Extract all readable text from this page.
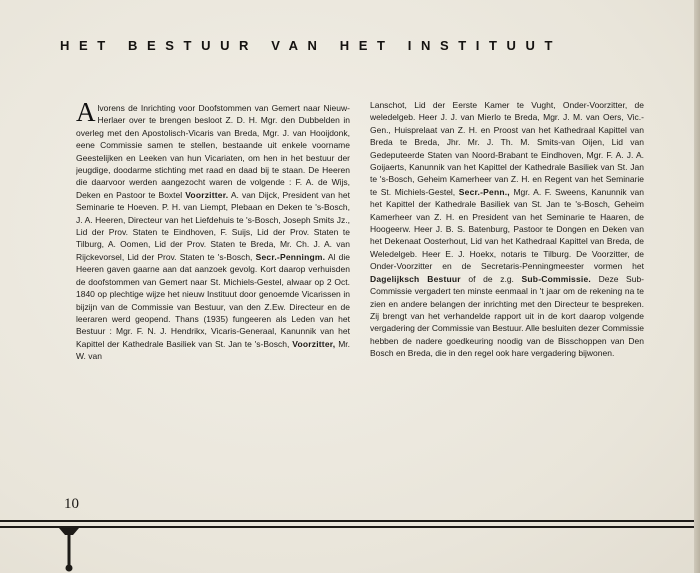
HET BESTUUR VAN HET INSTITUUT

Alvorens de Inrichting voor Doofstommen van Gemert naar Nieuw-Herlaer over te brengen besloot Z. D. H. Mgr. den Dubbelden in overleg met den Apostolisch-Vicaris van Breda, Mgr. J. van Hooijdonk, eene Commissie samen te stellen, bestaande uit enkele voorname Geestelijken en Leeken van hun Vicariaten, om hen in het bestuur der jeugdige, doodarme stichting met raad en daad bij te staan. De Heeren die daarvoor werden aangezocht waren de volgende : F. A. de Wijs, Deken en Pastoor te Boxtel Voorzitter. A. van Dijck, President van het Seminarie te Hoeven. P. H. van Liempt, Plebaan en Deken te 's-Bosch, J. A. Heeren, Directeur van het Liefdehuis te 's-Bosch, Joseph Smits Jz., Lid der Prov. Staten te Eindhoven, F. Suijs, Lid der Prov. Staten te Tilburg, A. Oomen, Lid der Prov. Staten te Breda, Mr. Ch. J. A. van Rijckevorsel, Lid der Prov. Staten te 's-Bosch, Secr.-Penningm. Al die Heeren gaven gaarne aan dat aanzoek gevolg. Kort daarop verhuisden de doofstommen van Gemert naar St. Michiels-Gestel, alwaar op 2 Oct. 1840 op plechtige wijze het nieuw Instituut door genoemde Vicarissen in bijzijn van de Commissie van Bestuur, van den Z.Ew. Directeur en de leeraren werd geopend. Thans (1935) fungeeren als Leden van het Bestuur : Mgr. F. N. J. Hendrikx, Vicaris-Generaal, Kanunnik van het Kapittel der Kathedrale Basiliek van St. Jan te 's-Bosch, Voorzitter, Mr. W. van

Lanschot, Lid der Eerste Kamer te Vught, Onder-Voorzitter, de weledelgeb. Heer J. J. van Mierlo te Breda, Mgr. J. M. van Oers, Vic.-Gen., Huisprelaat van Z. H. en Proost van het Kathedraal Kapittel van Breda te Breda, Jhr. Mr. J. Th. M. Smits-van Oijen, Lid van Gedeputeerde Staten van Noord-Brabant te Eindhoven, Mgr. F. A. J. A. Goijaerts, Kanunnik van het Kapittel der Kathedrale Basiliek van St. Jan te 's-Bosch, Geheim Kamerheer van Z. H. en Regent van het Seminarie te St. Michiels-Gestel, Secr.-Penn., Mgr. A. F. Sweens, Kanunnik van het Kapittel der Kathedrale Basiliek van St. Jan te 's-Bosch, Geheim Kamerheer van Z. H. en President van het Seminarie te Haaren, de Hoogeerw. Heer J. B. S. Batenburg, Pastoor te Dongen en Deken van het Dekenaat Oosterhout, Lid van het Kathedraal Kapittel van Breda, de Weledelgeb. Heer E. J. Hoekx, notaris te Tilburg. De Voorzitter, de Onder-Voorzitter en de Secretaris-Penningmeester vormen het Dagelijksch Bestuur of de z.g. Sub-Commissie. Deze Sub-Commissie vergadert ten minste eenmaal in 't jaar om de rekening na te zien en andere belangen der inrichting met den Directeur te bespreken. Zij brengt van het verhandelde rapport uit in de kort daarop volgende vergadering der Commissie van Bestuur. Alle besluiten dezer Commissie hebben de nadere goedkeuring noodig van de Bisschoppen van Den Bosch en Breda, die in den regel ook hare vergadering bijwonen.

10
